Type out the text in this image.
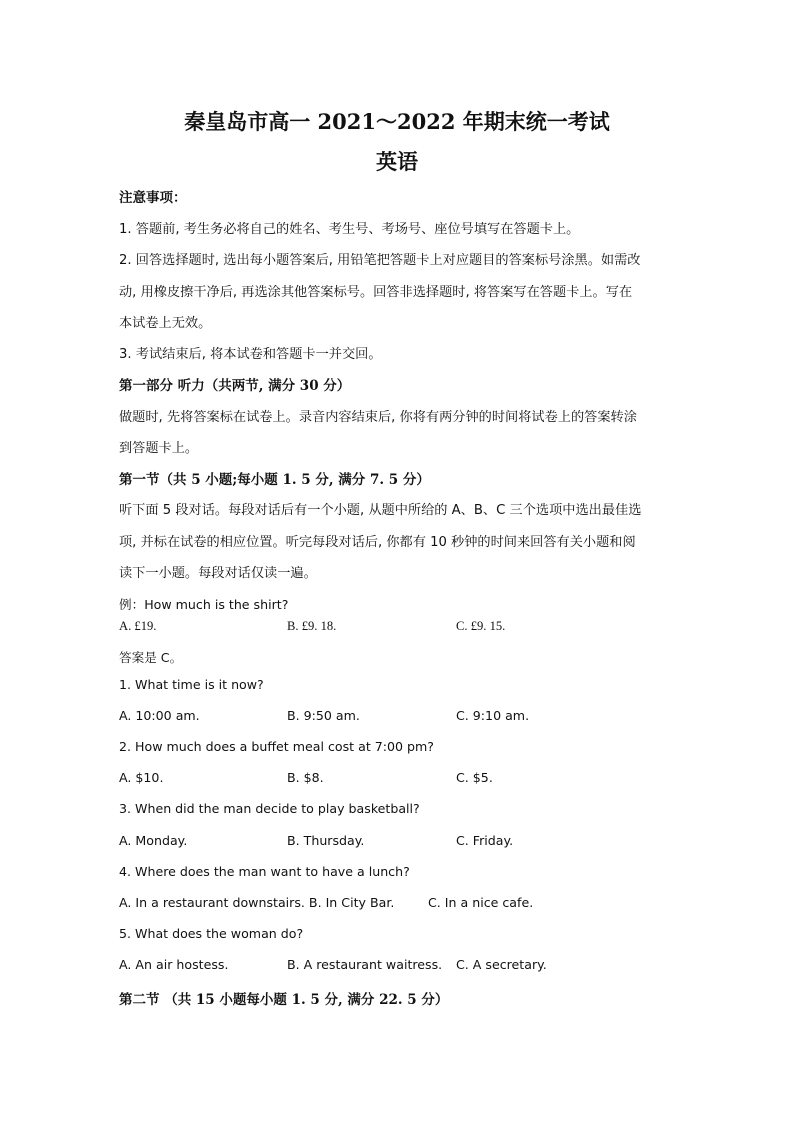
秦皇岛市高一 2021～2022 年期末统一考试
英语
注意事项：
1. 答题前, 考生务必将自己的姓名、考生号、考场号、座位号填写在答题卡上。
2. 回答选择题时, 选出每小题答案后, 用铅笔把答题卡上对应题目的答案标号涂黑。如需改
动, 用橡皮擦干净后, 再选涂其他答案标号。回答非选择题时, 将答案写在答题卡上。写在
本试卷上无效。
3. 考试结束后, 将本试卷和答题卡一并交回。
第一部分 听力（共两节, 满分 30 分）
做题时, 先将答案标在试卷上。录音内容结束后, 你将有两分钟的时间将试卷上的答案转涂
到答题卡上。
第一节（共 5 小题;每小题 1. 5 分, 满分 7. 5 分）
听下面 5 段对话。每段对话后有一个小题, 从题中所给的 A、B、C 三个选项中选出最佳选
项, 并标在试卷的相应位置。听完每段对话后, 你都有 10 秒钟的时间来回答有关小题和阅
读下一小题。每段对话仅读一遍。
例：How much is the shirt?
A. £19.	B. £9. 18.	C. £9. 15.
答案是 C。
1. What time is it now?
A. 10:00 am.	B. 9:50 am.	C. 9:10 am.
2. How much does a buffet meal cost at 7:00 pm?
A. $10.	B. $8.	C. $5.
3. When did the man decide to play basketball?
A. Monday.	B. Thursday.	C. Friday.
4. Where does the man want to have a lunch?
A. In a restaurant downstairs. B. In City Bar.	C. In a nice cafe.
5. What does the woman do?
A. An air hostess.	B. A restaurant waitress. C. A secretary.
第二节 （共 15 小题每小题 1. 5 分, 满分 22. 5 分）
